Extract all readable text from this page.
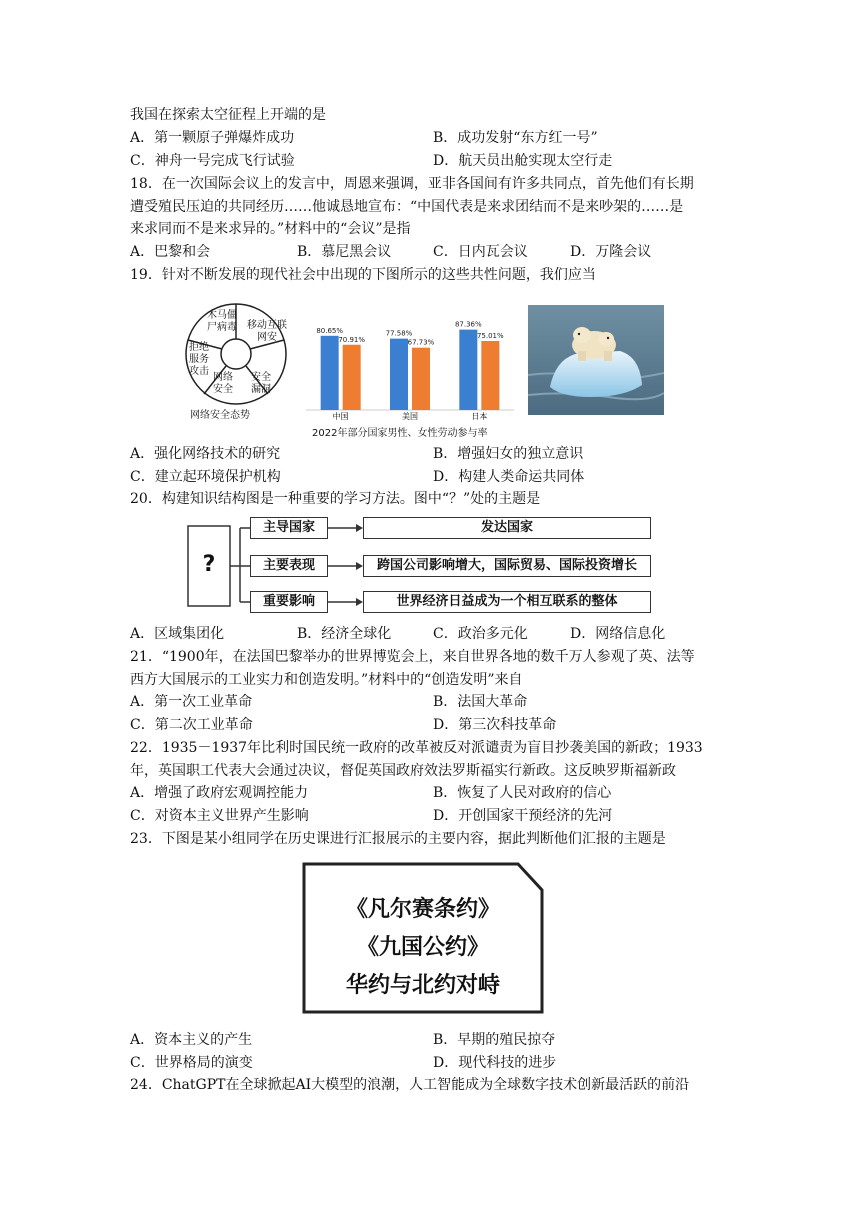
我国在探索太空征程上开端的是
A．第一颗原子弹爆炸成功	B．成功发射“东方红一号”
C．神舟一号完成飞行试验	D．航天员出舱实现太空行走
18．在一次国际会议上的发言中，周恩来强调，亚非各国间有许多共同点，首先他们有长期
遭受殖民压迫的共同经历……他诚恳地宣布：“中国代表是来求团结而不是来吵架的……是
来求同而不是来求异的。”材料中的“会议”是指
A．巴黎和会	B．慕尼黑会议	C．日内瓦会议	D．万隆会议
19．针对不断发展的现代社会中出现的下图所示的这些共性问题，我们应当
木马僵尸病毒	移动互联网安
安全漏洞
网络安全
拒绝服务攻击
网络安全态势
80.65%
70.91%
中国
77.58%
67.73%
美国
87.36%
75.01%
日本
2022年部分国家男性、女性劳动参与率
A．强化网络技术的研究	B．增强妇女的独立意识
C．建立起环境保护机构	D．构建人类命运共同体
20．构建知识结构图是一种重要的学习方法。图中“？”处的主题是
?
主导国家
主要表现
重要影响
发达国家
跨国公司影响增大，国际贸易、国际投资增长
世界经济日益成为一个相互联系的整体
A．区域集团化	B．经济全球化	C．政治多元化	D．网络信息化
21．“1900年，在法国巴黎举办的世界博览会上，来自世界各地的数千万人参观了英、法等
西方大国展示的工业实力和创造发明。”材料中的“创造发明”来自
A．第一次工业革命	B．法国大革命
C．第二次工业革命	D．第三次科技革命
22．1935－1937年比利时国民统一政府的改革被反对派谴责为盲目抄袭美国的新政；1933
年，英国职工代表大会通过决议，督促英国政府效法罗斯福实行新政。这反映罗斯福新政
A．增强了政府宏观调控能力	B．恢复了人民对政府的信心
C．对资本主义世界产生影响	D．开创国家干预经济的先河
23．下图是某小组同学在历史课进行汇报展示的主要内容，据此判断他们汇报的主题是
《凡尔赛条约》
《九国公约》
华约与北约对峙
A．资本主义的产生	B．早期的殖民掠夺
C．世界格局的演变	D．现代科技的进步
24．ChatGPT在全球掀起AI大模型的浪潮，人工智能成为全球数字技术创新最活跃的前沿
